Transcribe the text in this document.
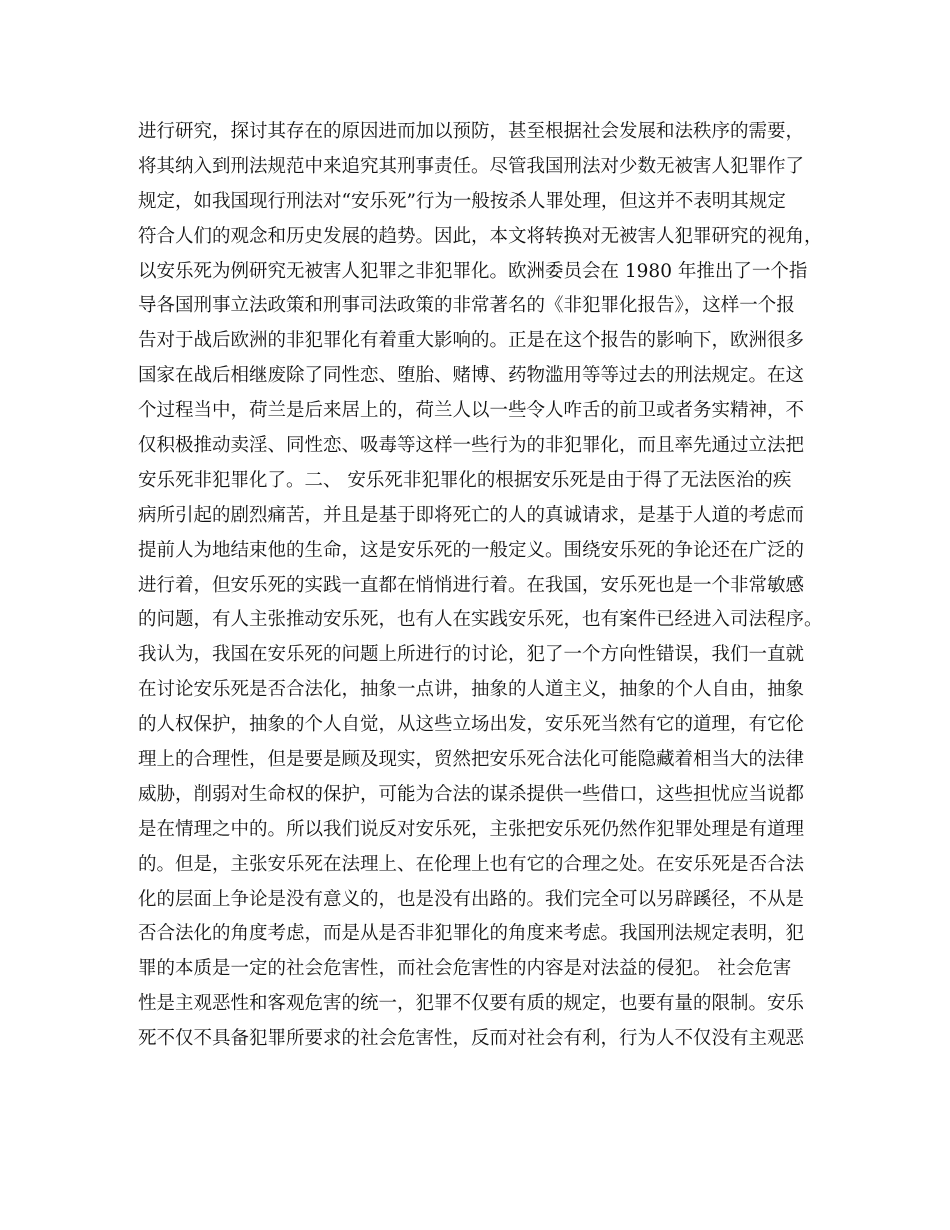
进行研究，探讨其存在的原因进而加以预防，甚至根据社会发展和法秩序的需要，
将其纳入到刑法规范中来追究其刑事责任。尽管我国刑法对少数无被害人犯罪作了
规定，如我国现行刑法对“安乐死”行为一般按杀人罪处理，但这并不表明其规定
符合人们的观念和历史发展的趋势。因此，本文将转换对无被害人犯罪研究的视角，
以安乐死为例研究无被害人犯罪之非犯罪化。欧洲委员会在 1980 年推出了一个指
导各国刑事立法政策和刑事司法政策的非常著名的《非犯罪化报告》，这样一个报
告对于战后欧洲的非犯罪化有着重大影响的。正是在这个报告的影响下，欧洲很多
国家在战后相继废除了同性恋、堕胎、赌博、药物滥用等等过去的刑法规定。在这
个过程当中，荷兰是后来居上的，荷兰人以一些令人咋舌的前卫或者务实精神，不
仅积极推动卖淫、同性恋、吸毒等这样一些行为的非犯罪化，而且率先通过立法把
安乐死非犯罪化了。二、 安乐死非犯罪化的根据安乐死是由于得了无法医治的疾
病所引起的剧烈痛苦，并且是基于即将死亡的人的真诚请求，是基于人道的考虑而
提前人为地结束他的生命，这是安乐死的一般定义。围绕安乐死的争论还在广泛的
进行着，但安乐死的实践一直都在悄悄进行着。在我国，安乐死也是一个非常敏感
的问题，有人主张推动安乐死，也有人在实践安乐死，也有案件已经进入司法程序。
我认为，我国在安乐死的问题上所进行的讨论，犯了一个方向性错误，我们一直就
在讨论安乐死是否合法化，抽象一点讲，抽象的人道主义，抽象的个人自由，抽象
的人权保护，抽象的个人自觉，从这些立场出发，安乐死当然有它的道理，有它伦
理上的合理性，但是要是顾及现实，贸然把安乐死合法化可能隐藏着相当大的法律
威胁，削弱对生命权的保护，可能为合法的谋杀提供一些借口，这些担忧应当说都
是在情理之中的。所以我们说反对安乐死，主张把安乐死仍然作犯罪处理是有道理
的。但是，主张安乐死在法理上、在伦理上也有它的合理之处。在安乐死是否合法
化的层面上争论是没有意义的，也是没有出路的。我们完全可以另辟蹊径，不从是
否合法化的角度考虑，而是从是否非犯罪化的角度来考虑。我国刑法规定表明，犯
罪的本质是一定的社会危害性，而社会危害性的内容是对法益的侵犯。 社会危害
性是主观恶性和客观危害的统一，犯罪不仅要有质的规定，也要有量的限制。安乐
死不仅不具备犯罪所要求的社会危害性，反而对社会有利，行为人不仅没有主观恶
